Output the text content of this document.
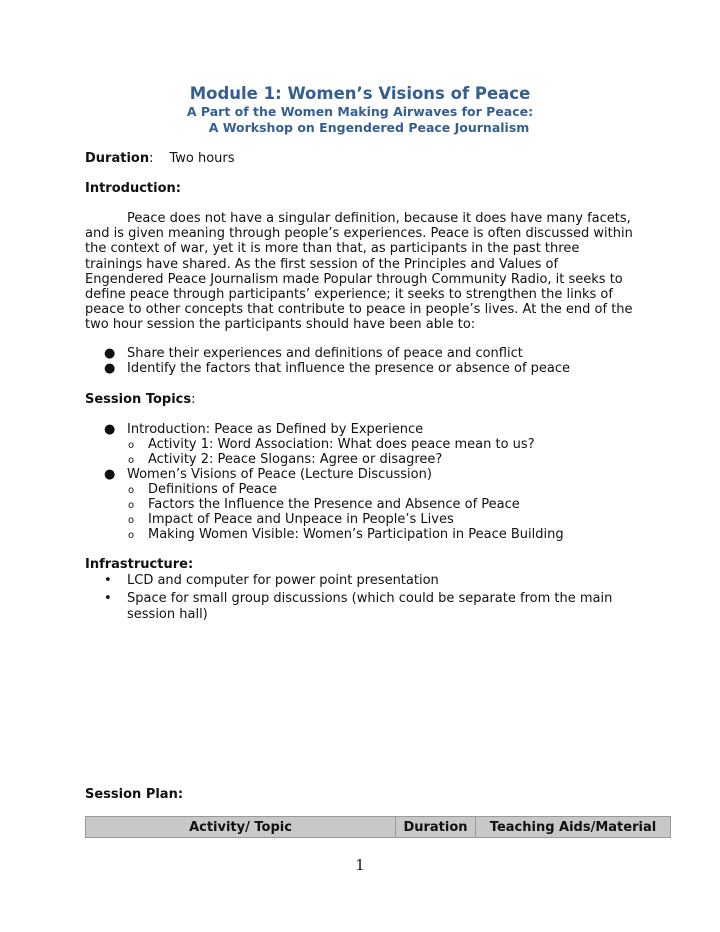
Module 1: Women’s Visions of Peace
A Part of the Women Making Airwaves for Peace:
A Workshop on Engendered Peace Journalism
Duration: Two hours
Introduction:

Peace does not have a singular definition, because it does have many facets, and is given meaning through people’s experiences. Peace is often discussed within the context of war, yet it is more than that, as participants in the past three trainings have shared. As the first session of the Principles and Values of Engendered Peace Journalism made Popular through Community Radio, it seeks to define peace through participants’ experience; it seeks to strengthen the links of peace to other concepts that contribute to peace in people’s lives. At the end of the two hour session the participants should have been able to:

● Share their experiences and definitions of peace and conflict
● Identify the factors that influence the presence or absence of peace
Session Topics:
● Introduction: Peace as Defined by Experience
o Activity 1: Word Association: What does peace mean to us?
o Activity 2: Peace Slogans: Agree or disagree?
● Women’s Visions of Peace (Lecture Discussion)
o Definitions of Peace
o Factors the Influence the Presence and Absence of Peace
o Impact of Peace and Unpeace in People’s Lives
o Making Women Visible: Women’s Participation in Peace Building
Infrastructure:
• LCD and computer for power point presentation
• Space for small group discussions (which could be separate from the main session hall)
Session Plan:
Activity/ Topic	Duration	Teaching Aids/Material
1
